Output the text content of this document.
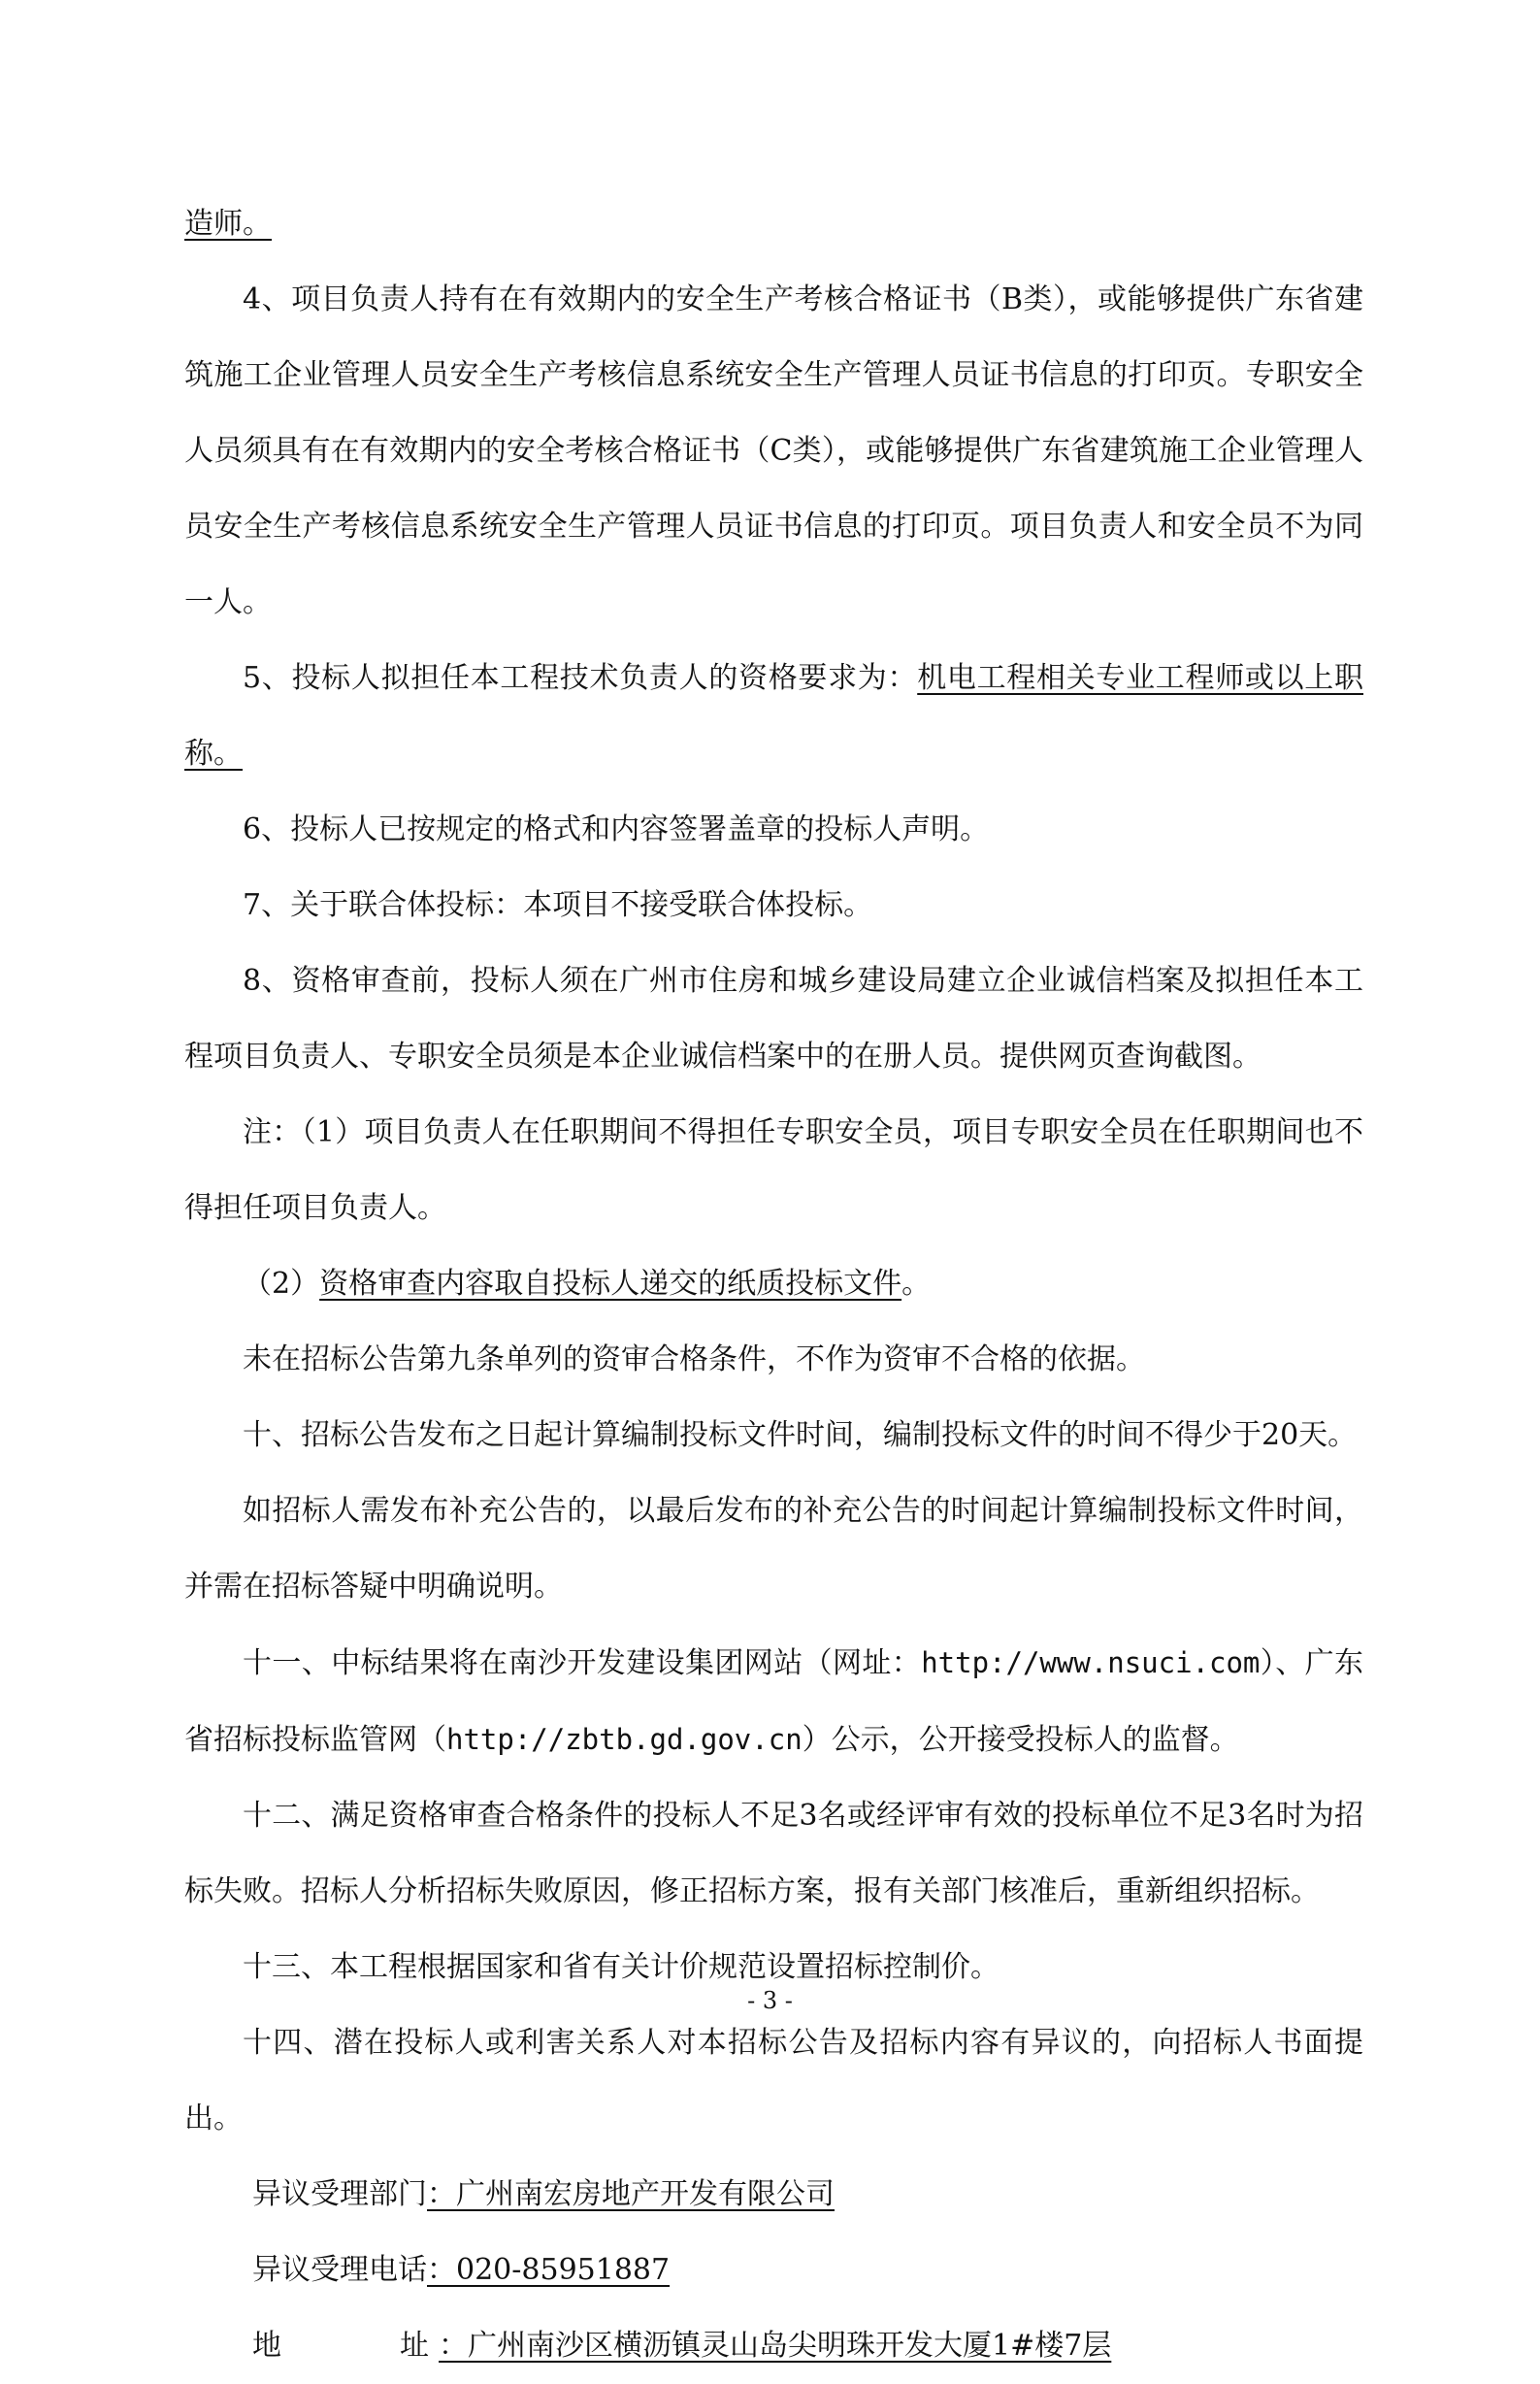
造师。

4、项目负责人持有在有效期内的安全生产考核合格证书（B类），或能够提供广东省建筑施工企业管理人员安全生产考核信息系统安全生产管理人员证书信息的打印页。专职安全人员须具有在有效期内的安全考核合格证书（C类），或能够提供广东省建筑施工企业管理人员安全生产考核信息系统安全生产管理人员证书信息的打印页。项目负责人和安全员不为同一人。

5、投标人拟担任本工程技术负责人的资格要求为：机电工程相关专业工程师或以上职称。

6、投标人已按规定的格式和内容签署盖章的投标人声明。

7、关于联合体投标：本项目不接受联合体投标。

8、资格审查前，投标人须在广州市住房和城乡建设局建立企业诚信档案及拟担任本工程项目负责人、专职安全员须是本企业诚信档案中的在册人员。提供网页查询截图。

注：（1）项目负责人在任职期间不得担任专职安全员，项目专职安全员在任职期间也不得担任项目负责人。

（2）资格审查内容取自投标人递交的纸质投标文件。

未在招标公告第九条单列的资审合格条件，不作为资审不合格的依据。

十、招标公告发布之日起计算编制投标文件时间，编制投标文件的时间不得少于20天。

如招标人需发布补充公告的，以最后发布的补充公告的时间起计算编制投标文件时间，并需在招标答疑中明确说明。

十一、中标结果将在南沙开发建设集团网站（网址：http://www.nsuci.com）、广东省招标投标监管网（http://zbtb.gd.gov.cn）公示，公开接受投标人的监督。

十二、满足资格审查合格条件的投标人不足3名或经评审有效的投标单位不足3名时为招标失败。招标人分析招标失败原因，修正招标方案，报有关部门核准后，重新组织招标。

十三、本工程根据国家和省有关计价规范设置招标控制价。

十四、潜在投标人或利害关系人对本招标公告及招标内容有异议的，向招标人书面提出。

异议受理部门：广州南宏房地产开发有限公司
异议受理电话：020-85951887
地	址 ：广州南沙区横沥镇灵山岛尖明珠开发大厦1#楼7层
- 3 -
